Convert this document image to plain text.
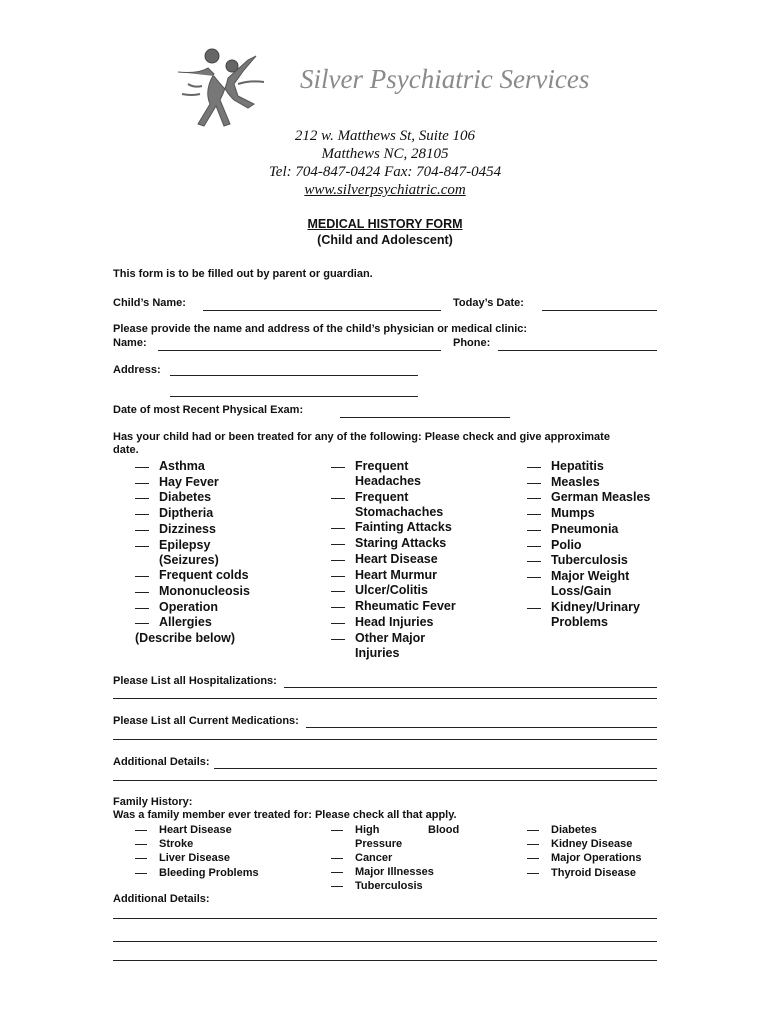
Silver Psychiatric Services
212 w. Matthews St, Suite 106
Matthews NC, 28105
Tel: 704-847-0424 Fax: 704-847-0454
www.silverpsychiatric.com
MEDICAL HISTORY FORM
(Child and Adolescent)
This form is to be filled out by parent or guardian.
Child’s Name:	Today’s Date:
Please provide the name and address of the child’s physician or medical clinic:
Name:	Phone:
Address:
Date of most Recent Physical Exam:
Has your child had or been treated for any of the following: Please check and give approximate
date.
Asthma
Hay Fever
Diabetes
Diptheria
Dizziness
Epilepsy
(Seizures)
Frequent colds
Mononucleosis
Operation
Allergies
(Describe below)
Frequent
Headaches
Frequent
Stomachaches
Fainting Attacks
Staring Attacks
Heart Disease
Heart Murmur
Ulcer/Colitis
Rheumatic Fever
Head Injuries
Other Major
Injuries
Hepatitis
Measles
German Measles
Mumps
Pneumonia
Polio
Tuberculosis
Major Weight
Loss/Gain
Kidney/Urinary
Problems
Please List all Hospitalizations:
Please List all Current Medications:
Additional Details:
Family History:
Was a family member ever treated for: Please check all that apply.
Heart Disease
Stroke
Liver Disease
Bleeding Problems
High	Blood
Pressure
Cancer
Major Illnesses
Tuberculosis
Diabetes
Kidney Disease
Major Operations
Thyroid Disease
Additional Details:
